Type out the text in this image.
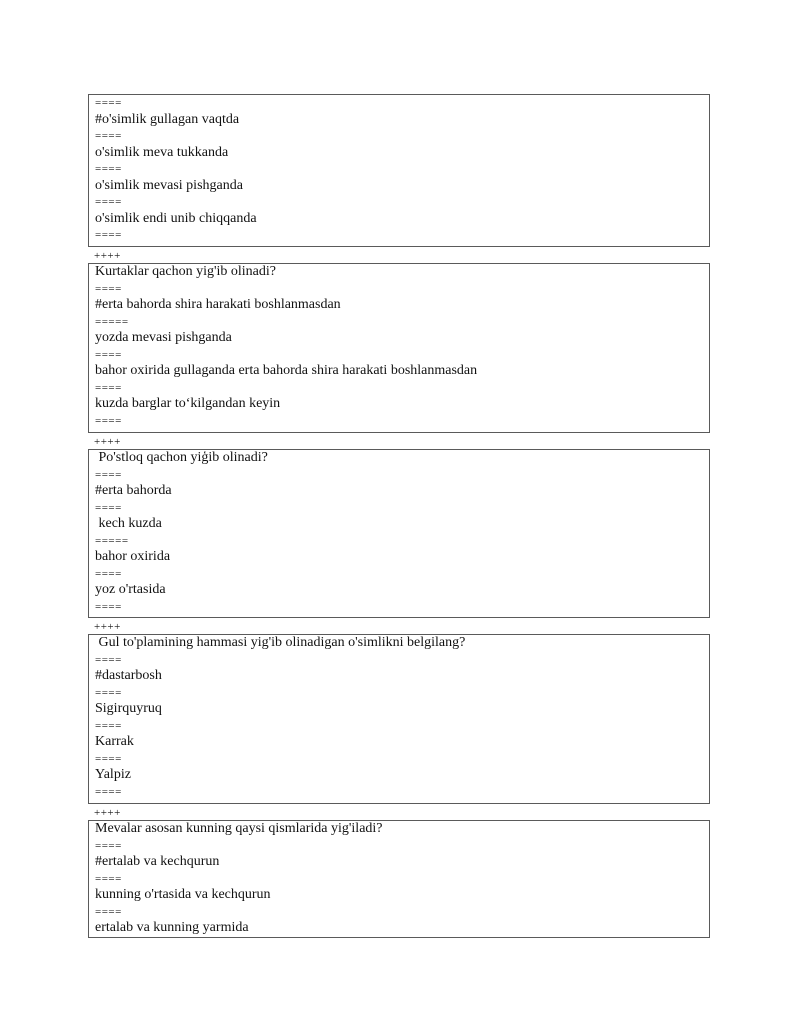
====
#o'simlik gullagan vaqtda
====
o'simlik meva tukkanda
====
o'simlik mevasi pishganda
====
o'simlik endi unib chiqqanda
====
++++
Kurtaklar qachon yig'ib olinadi?
====
#erta bahorda shira harakati boshlanmasdan
=====
yozda mevasi pishganda
====
bahor oxirida gullaganda erta bahorda shira harakati boshlanmasdan
====
kuzda barglar to‘kilgandan keyin
====
++++
Po'stloq qachon yiģib olinadi?
====
#erta bahorda
====
kech kuzda
=====
bahor oxirida
====
yoz o'rtasida
====
++++
Gul to'plamining hammasi yig'ib olinadigan o'simlikni belgilang?
====
#dastarbosh
====
Sigirquyruq
====
Karrak
====
Yalpiz
====
++++
Mevalar asosan kunning qaysi qismlarida yig'iladi?
====
#ertalab va kechqurun
====
kunning o'rtasida va kechqurun
====
ertalab va kunning yarmida
